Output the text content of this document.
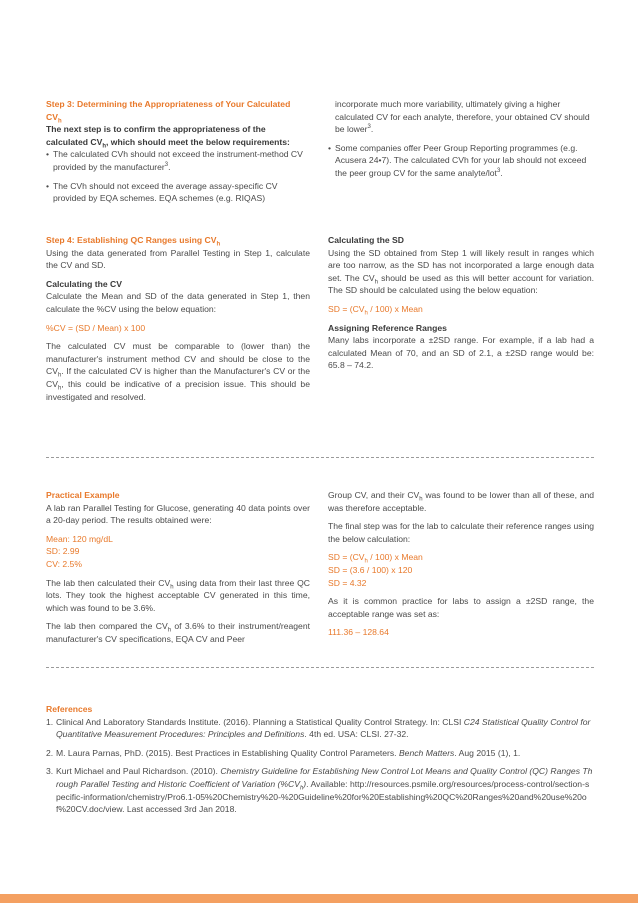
Step 3: Determining the Appropriateness of Your Calculated $CV_h$

The next step is to confirm the appropriateness of the calculated $CV_h$, which should meet the below requirements:

• The calculated CVh should not exceed the instrument-method CV provided by the manufacturer$^3$.

• The CVh should not exceed the average assay-specific CV provided by EQA schemes. EQA schemes (e.g. RIQAS)

incorporate much more variability, ultimately giving a higher calculated CV for each analyte, therefore, your obtained CV should be lower$^3$.

• Some companies offer Peer Group Reporting programmes (e.g. Acusera 24•7). The calculated CVh for your lab should not exceed the peer group CV for the same analyte/lot$^3$.

Step 4: Establishing QC Ranges using $CV_h$

Using the data generated from Parallel Testing in Step 1, calculate the CV and SD.

Calculating the CV

Calculate the Mean and SD of the data generated in Step 1, then calculate the %CV using the below equation:

%CV = (SD / Mean) x 100

The calculated CV must be comparable to (lower than) the manufacturer's instrument method CV and should be close to the $CV_h$. If the calculated CV is higher than the Manufacturer's CV or the $CV_h$, this could be indicative of a precision issue. This should be investigated and resolved.

Calculating the SD

Using the SD obtained from Step 1 will likely result in ranges which are too narrow, as the SD has not incorporated a large enough data set. The $CV_h$ should be used as this will better account for variation. The SD should be calculated using the below equation:

SD = $(CV_h / 100)$ x Mean

Assigning Reference Ranges

Many labs incorporate a ±2SD range. For example, if a lab had a calculated Mean of 70, and an SD of 2.1, a ±2SD range would be: 65.8 – 74.2.

Practical Example

A lab ran Parallel Testing for Glucose, generating 40 data points over a 20-day period. The results obtained were:

Mean: 120 mg/dL

SD: 2.99

CV: 2.5%

The lab then calculated their $CV_h$ using data from their last three QC lots. They took the highest acceptable CV generated in this time, which was found to be 3.6%.

The lab then compared the $CV_h$ of 3.6% to their instrument/reagent manufacturer's CV specifications, EQA CV and Peer

Group CV, and their $CV_h$ was found to be lower than all of these, and was therefore acceptable.

The final step was for the lab to calculate their reference ranges using the below calculation:

SD = $(CV_h / 100)$ x Mean

SD = (3.6 / 100) x 120

SD = 4.32

As it is common practice for labs to assign a ±2SD range, the acceptable range was set as:

111.36 – 128.64

References

1. Clinical And Laboratory Standards Institute. (2016). Planning a Statistical Quality Control Strategy. In: CLSI C24 Statistical Quality Control for Quantitative Measurement Procedures: Principles and Definitions. 4th ed. USA: CLSI. 27-32.

2. M. Laura Parnas, PhD. (2015). Best Practices in Establishing Quality Control Parameters. Bench Matters. Aug 2015 (1), 1.

3. Kurt Michael and Paul Richardson. (2010). Chemistry Guideline for Establishing New Control Lot Means and Quality Control (QC) Ranges Through Parallel Testing and Historic Coefficient of Variation $(\%CV_h)$. Available: http://resources.psmile.org/resources/process-control/section-specific-information/chemistry/Pro6.1-05%20Chemistry%20-%20Guideline%20for%20Establishing%20QC%20Ranges%20and%20use%20of%20CV.doc/view. Last accessed 3rd Jan 2018.
